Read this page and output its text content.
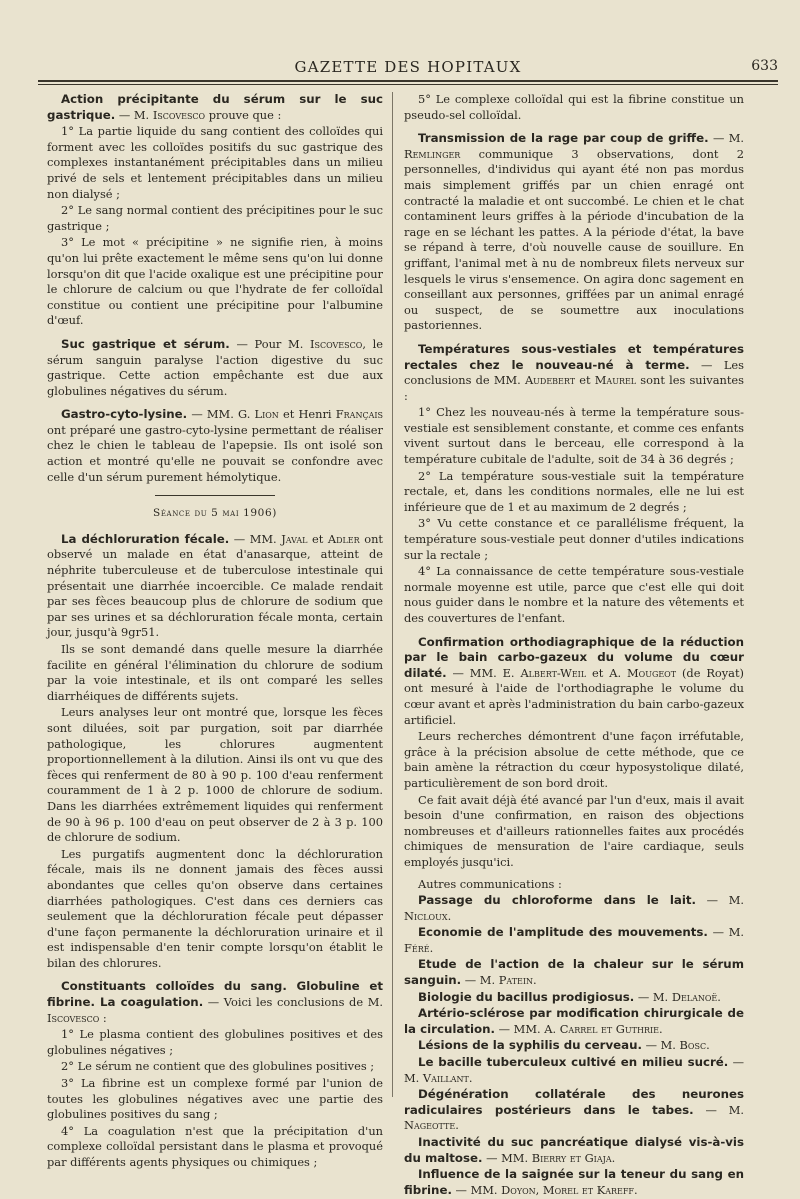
GAZETTE DES HOPITAUX	633

Action précipitante du sérum sur le suc gastrique. — M. Iscovesco prouve que :

1° La partie liquide du sang contient des colloïdes qui forment avec les colloïdes positifs du suc gastrique des complexes instantanément précipitables dans un milieu privé de sels et lentement précipitables dans un milieu non dialysé ;

2° Le sang normal contient des précipitines pour le suc gastrique ;

3° Le mot « précipitine » ne signifie rien, à moins qu'on lui prête exactement le même sens qu'on lui donne lorsqu'on dit que l'acide oxalique est une précipitine pour le chlorure de calcium ou que l'hydrate de fer colloïdal constitue ou contient une précipitine pour l'albumine d'œuf.

Suc gastrique et sérum. — Pour M. Iscovesco, le sérum sanguin paralyse l'action digestive du suc gastrique. Cette action empêchante est due aux globulines négatives du sérum.

Gastro-cyto-lysine. — MM. G. Lion et Henri Français ont préparé une gastro-cyto-lysine permettant de réaliser chez le chien le tableau de l'apepsie. Ils ont isolé son action et montré qu'elle ne pouvait se confondre avec celle d'un sérum purement hémolytique.

Séance du 5 mai 1906)

La déchloruration fécale. — MM. Javal et Adler ont observé un malade en état d'anasarque, atteint de néphrite tuberculeuse et de tuberculose intestinale qui présentait une diarrhée incoercible. Ce malade rendait par ses fèces beaucoup plus de chlorure de sodium que par ses urines et sa déchloruration fécale monta, certain jour, jusqu'à 9gr51.

Ils se sont demandé dans quelle mesure la diarrhée facilite en général l'élimination du chlorure de sodium par la voie intestinale, et ils ont comparé les selles diarrhéiques de différents sujets.

Leurs analyses leur ont montré que, lorsque les fèces sont diluées, soit par purgation, soit par diarrhée pathologique, les chlorures augmentent proportionnellement à la dilution. Ainsi ils ont vu que des fèces qui renferment de 80 à 90 p. 100 d'eau renferment couramment de 1 à 2 p. 1000 de chlorure de sodium. Dans les diarrhées extrêmement liquides qui renferment de 90 à 96 p. 100 d'eau on peut observer de 2 à 3 p. 100 de chlorure de sodium.

Les purgatifs augmentent donc la déchloruration fécale, mais ils ne donnent jamais des fèces aussi abondantes que celles qu'on observe dans certaines diarrhées pathologiques. C'est dans ces derniers cas seulement que la déchloruration fécale peut dépasser d'une façon permanente la déchloruration urinaire et il est indispensable d'en tenir compte lorsqu'on établit le bilan des chlorures.

Constituants colloïdes du sang. Globuline et fibrine. La coagulation. — Voici les conclusions de M. Iscovesco :

1° Le plasma contient des globulines positives et des globulines négatives ;

2° Le sérum ne contient que des globulines positives ;

3° La fibrine est un complexe formé par l'union de toutes les globulines négatives avec une partie des globulines positives du sang ;

4° La coagulation n'est que la précipitation d'un complexe colloïdal persistant dans le plasma et provoqué par différents agents physiques ou chimiques ;

5° Le complexe colloïdal qui est la fibrine constitue un pseudo-sel colloïdal.

Transmission de la rage par coup de griffe. — M. Remlinger communique 3 observations, dont 2 personnelles, d'individus qui ayant été non pas mordus mais simplement griffés par un chien enragé ont contracté la maladie et ont succombé. Le chien et le chat contaminent leurs griffes à la période d'incubation de la rage en se léchant les pattes. A la période d'état, la bave se répand à terre, d'où nouvelle cause de souillure. En griffant, l'animal met à nu de nombreux filets nerveux sur lesquels le virus s'ensemence. On agira donc sagement en conseillant aux personnes, griffées par un animal enragé ou suspect, de se soumettre aux inoculations pastoriennes.

Températures sous-vestiales et températures rectales chez le nouveau-né à terme. — Les conclusions de MM. Audebert et Maurel sont les suivantes :

1° Chez les nouveau-nés à terme la température sous-vestiale est sensiblement constante, et comme ces enfants vivent surtout dans le berceau, elle correspond à la température cubitale de l'adulte, soit de 34 à 36 degrés ;

2° La température sous-vestiale suit la température rectale, et, dans les conditions normales, elle ne lui est inférieure que de 1 et au maximum de 2 degrés ;

3° Vu cette constance et ce parallélisme fréquent, la température sous-vestiale peut donner d'utiles indications sur la rectale ;

4° La connaissance de cette température sous-vestiale normale moyenne est utile, parce que c'est elle qui doit nous guider dans le nombre et la nature des vêtements et des couvertures de l'enfant.

Confirmation orthodiagraphique de la réduction par le bain carbo-gazeux du volume du cœur dilaté. — MM. E. Albert-Weil et A. Mougeot (de Royat) ont mesuré à l'aide de l'orthodiagraphe le volume du cœur avant et après l'administration du bain carbo-gazeux artificiel.

Leurs recherches démontrent d'une façon irréfutable, grâce à la précision absolue de cette méthode, que ce bain amène la rétraction du cœur hyposystolique dilaté, particulièrement de son bord droit.

Ce fait avait déjà été avancé par l'un d'eux, mais il avait besoin d'une confirmation, en raison des objections nombreuses et d'ailleurs rationnelles faites aux procédés chimiques de mensuration de l'aire cardiaque, seuls employés jusqu'ici.

Autres communications :

Passage du chloroforme dans le lait. — M. Nicloux.

Economie de l'amplitude des mouvements. — M. Féré.

Etude de l'action de la chaleur sur le sérum sanguin. — M. Patein.

Biologie du bacillus prodigiosus. — M. Delanoë.

Artério-sclérose par modification chirurgicale de la circulation. — MM. A. Carrel et Guthrie.

Lésions de la syphilis du cerveau. — M. Bosc.

Le bacille tuberculeux cultivé en milieu sucré. — M. Vaillant.

Dégénération collatérale des neurones radiculaires postérieurs dans le tabes. — M. Nageotte.

Inactivité du suc pancréatique dialysé vis-à-vis du maltose. — MM. Bierry et Giaja.

Influence de la saignée sur la teneur du sang en fibrine. — MM. Doyon, Morel et Kareff.
